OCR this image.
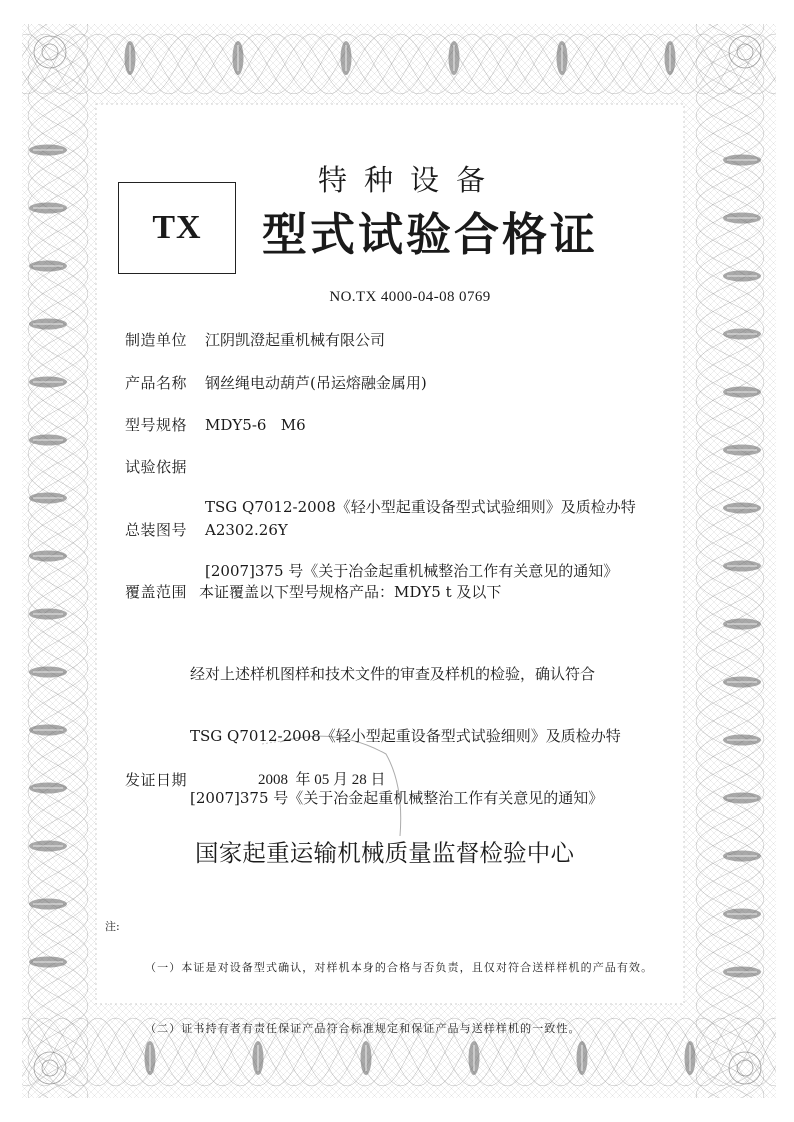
TX
特种设备
型式试验合格证
NO.TX 4000-04-08 0769
制造单位 江阴凯澄起重机械有限公司
产品名称 钢丝绳电动葫芦(吊运熔融金属用)
型号规格 MDY5-6   M6
试验依据

TSG Q7012-2008《轻小型起重设备型式试验细则》及质检办特

[2007]375 号《关于冶金起重机械整治工作有关意见的通知》

总装图号 A2302.26Y
覆盖范围 本证覆盖以下型号规格产品：MDY5 t 及以下

经对上述样机图样和技术文件的审查及样机的检验，确认符合

TSG Q7012-2008《轻小型起重设备型式试验细则》及质检办特

[2007]375 号《关于冶金起重机械整治工作有关意见的通知》

发证日期	2008  年 05 月 28 日
国家起重运输机械质量监督检验中心
注:

（一）本证是对设备型式确认，对样机本身的合格与否负责，且仅对符合送样样机的产品有效。

（二）证书持有者有责任保证产品符合标准规定和保证产品与送样样机的一致性。
